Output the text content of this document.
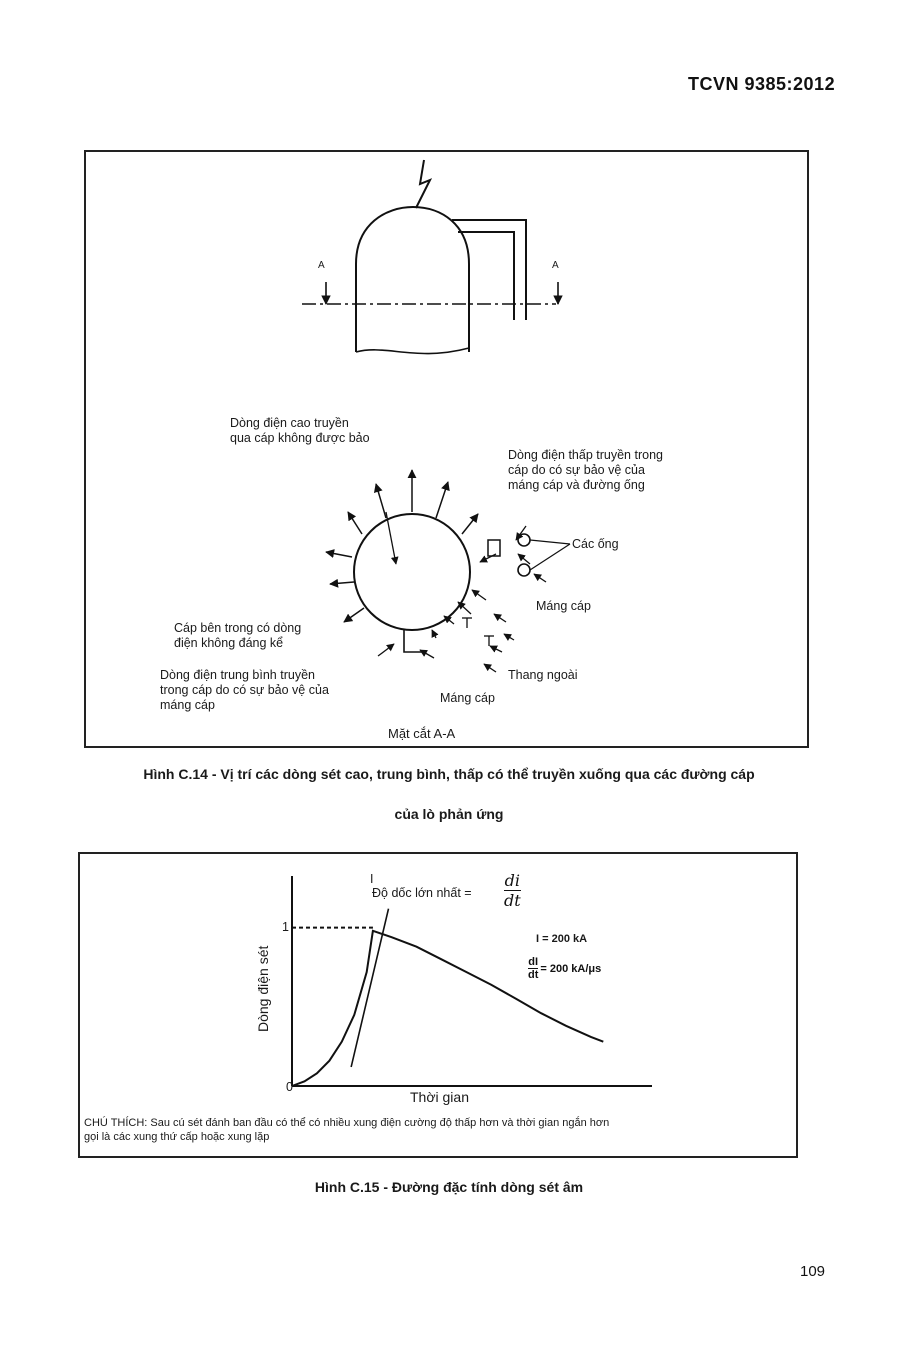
TCVN 9385:2012
A	A
Dòng điện cao truyền
qua cáp không được bảo
Dòng điện thấp truyền trong
cáp do có sự bảo vệ của
máng cáp và đường ống
Các ống
Máng cáp
Cáp bên trong có dòng
điện không đáng kể
Thang ngoài
Dòng điện trung bình truyền
trong cáp do có sự bảo vệ của
máng cáp	Máng cáp
Mặt cắt A-A
Hình C.14 - Vị trí các dòng sét cao, trung bình, thấp có thể truyền xuống qua các đường cáp
của lò phản ứng
Dòng điện sét
Thời gian
0
1
I
Độ dốc lớn nhất =
di
dt
I = 200 kA
$\frac{dI}{dt} = 200$ kA/μs
CHÚ THÍCH: Sau cú sét đánh ban đầu có thể có nhiều xung điện cường độ thấp hơn và thời gian ngắn hơn
gọi là các xung thứ cấp hoặc xung lặp
Hình C.15 - Đường đặc tính dòng sét âm
109
